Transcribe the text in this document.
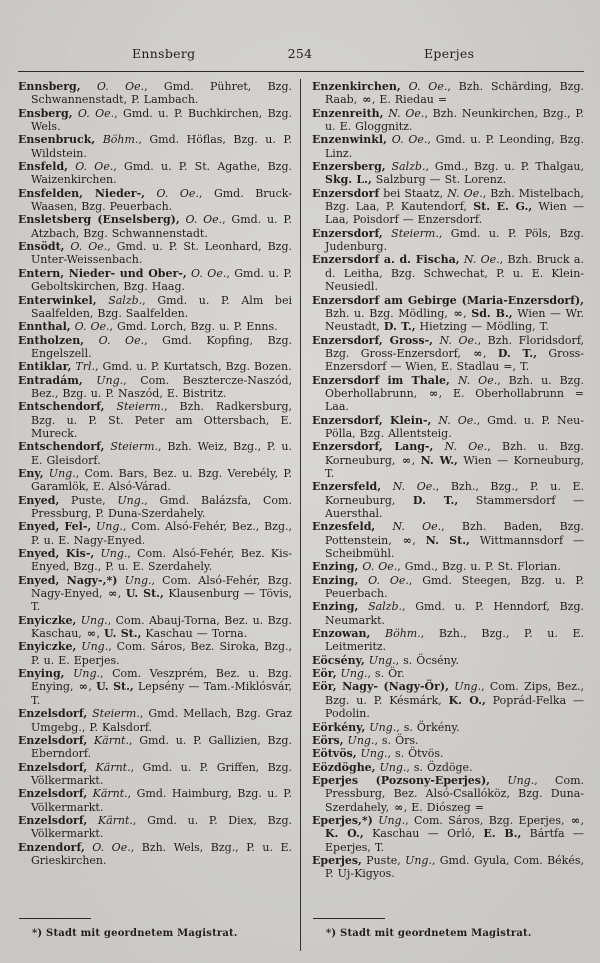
Ennsberg	254	Eperjes

Ennsberg, O. Oe., Gmd. Pühret, Bzg. Schwannenstadt, P. Lambach.

Ensberg, O. Oe., Gmd. u. P. Buchkirchen, Bzg. Wels.

Ensenbruck, Böhm., Gmd. Höflas, Bzg. u. P. Wildstein.

Ensfeld, O. Oe., Gmd. u. P. St. Agathe, Bzg. Waizenkirchen.

Ensfelden, Nieder-, O. Oe., Gmd. Bruck-Waasen, Bzg. Peuerbach.

Ensletsberg (Enselsberg), O. Oe., Gmd. u. P. Atzbach, Bzg. Schwannenstadt.

Ensödt, O. Oe., Gmd. u. P. St. Leonhard, Bzg. Unter-Weissenbach.

Entern, Nieder- und Ober-, O. Oe., Gmd. u. P. Geboltskirchen, Bzg. Haag.

Enterwinkel, Salzb., Gmd. u. P. Alm bei Saalfelden, Bzg. Saalfelden.

Ennthal, O. Oe., Gmd. Lorch, Bzg. u. P. Enns.

Entholzen, O. Oe., Gmd. Kopfing, Bzg. Engelszell.

Entiklar, Trl., Gmd. u. P. Kurtatsch, Bzg. Bozen.

Entradám, Ung., Com. Besztercze-Naszód, Bez., Bzg. u. P. Naszód, E. Bistritz.

Entschendorf, Steierm., Bzh. Radkersburg, Bzg. u. P. St. Peter am Ottersbach, E. Mureck.

Entschendorf, Steierm., Bzh. Weiz, Bzg., P. u. E. Gleisdorf.

Eny, Ung., Com. Bars, Bez. u. Bzg. Verebély, P. Garamlök, E. Alsó-Várad.

Enyed, Puste, Ung., Gmd. Balázsfa, Com. Pressburg, P. Duna-Szerdahely.

Enyed, Fel-, Ung., Com. Alsó-Fehér, Bez., Bzg., P. u. E. Nagy-Enyed.

Enyed, Kis-, Ung., Com. Alsó-Fehér, Bez. Kis-Enyed, Bzg., P. u. E. Szerdahely.

Enyed, Nagy-,*) Ung., Com. Alsó-Fehér, Bzg. Nagy-Enyed, ∞, U. St., Klausenburg — Tövis, T.

Enyiczke, Ung., Com. Abauj-Torna, Bez. u. Bzg. Kaschau, ∞, U. St., Kaschau — Torna.

Enyiczke, Ung., Com. Sáros, Bez. Siroka, Bzg., P. u. E. Eperjes.

Enying, Ung., Com. Veszprém, Bez. u. Bzg. Enying, ∞, U. St., Lepsény — Tam.-Miklósvár, T.

Enzelsdorf, Steierm., Gmd. Mellach, Bzg. Graz Umgebg., P. Kalsdorf.

Enzelsdorf, Kärnt., Gmd. u. P. Gallizien, Bzg. Eberndorf.

Enzelsdorf, Kärnt., Gmd. u. P. Griffen, Bzg. Völkermarkt.

Enzelsdorf, Kärnt., Gmd. Haimburg, Bzg. u. P. Völkermarkt.

Enzelsdorf, Kärnt., Gmd. u. P. Diex, Bzg. Völkermarkt.

Enzendorf, O. Oe., Bzh. Wels, Bzg., P. u. E. Grieskirchen.

*) Stadt mit geordnetem Magistrat.

Enzenkirchen, O. Oe., Bzh. Schärding, Bzg. Raab, ∞, E. Riedau =

Enzenreith, N. Oe., Bzh. Neunkirchen, Bzg., P. u. E. Gloggnitz.

Enzenwinkl, O. Oe., Gmd. u. P. Leonding, Bzg. Linz.

Enzersberg, Salzb., Gmd., Bzg. u. P. Thalgau, Skg. L., Salzburg — St. Lorenz.

Enzersdorf bei Staatz, N. Oe., Bzh. Mistelbach, Bzg. Laa, P. Kautendorf, St. E. G., Wien — Laa, Poisdorf — Enzersdorf.

Enzersdorf, Steierm., Gmd. u. P. Pöls, Bzg. Judenburg.

Enzersdorf a. d. Fischa, N. Oe., Bzh. Bruck a. d. Leitha, Bzg. Schwechat, P. u. E. Klein-Neusiedl.

Enzersdorf am Gebirge (Maria-Enzersdorf), Bzh. u. Bzg. Mödling, ∞, Sd. B., Wien — Wr. Neustadt, D. T., Hietzing — Mödling, T.

Enzersdorf, Gross-, N. Oe., Bzh. Floridsdorf, Bzg. Gross-Enzersdorf, ∞, D. T., Gross-Enzersdorf — Wien, E. Stadlau =, T.

Enzersdorf im Thale, N. Oe., Bzh. u. Bzg. Oberhollabrunn, ∞, E. Oberhollabrunn = Laa.

Enzersdorf, Klein-, N. Oe., Gmd. u. P. Neu-Pölla, Bzg. Allentsteig.

Enzersdorf, Lang-, N. Oe., Bzh. u. Bzg. Korneuburg, ∞, N. W., Wien — Korneuburg, T.

Enzersfeld, N. Oe., Bzh., Bzg., P. u. E. Korneuburg, D. T., Stammersdorf — Auersthal.

Enzesfeld, N. Oe., Bzh. Baden, Bzg. Pottenstein, ∞, N. St., Wittmannsdorf — Scheibmühl.

Enzing, O. Oe., Gmd., Bzg. u. P. St. Florian.

Enzing, O. Oe., Gmd. Steegen, Bzg. u. P. Peuerbach.

Enzing, Salzb., Gmd. u. P. Henndorf, Bzg. Neumarkt.

Enzowan, Böhm., Bzh., Bzg., P. u. E. Leitmeritz.

Eöcsény, Ung., s. Öcsény.

Eör, Ung., s. Ör.

Eör, Nagy- (Nagy-Ör), Ung., Com. Zips, Bez., Bzg. u. P. Késmárk, K. O., Poprád-Felka — Podolin.

Eörkény, Ung., s. Örkény.

Eörs, Ung., s. Örs.

Eötvös, Ung., s. Ötvös.

Eözdöghe, Ung., s. Özdöge.

Eperjes (Pozsony-Eperjes), Ung., Com. Pressburg, Bez. Alsó-Csallóköz, Bzg. Duna-Szerdahely, ∞, E. Diószeg =

Eperjes,*) Ung., Com. Sáros, Bzg. Eperjes, ∞, K. O., Kaschau — Orló, E. B., Bártfa — Eperjes, T.

Eperjes, Puste, Ung., Gmd. Gyula, Com. Békés, P. Uj-Kigyos.

*) Stadt mit geordnetem Magistrat.
